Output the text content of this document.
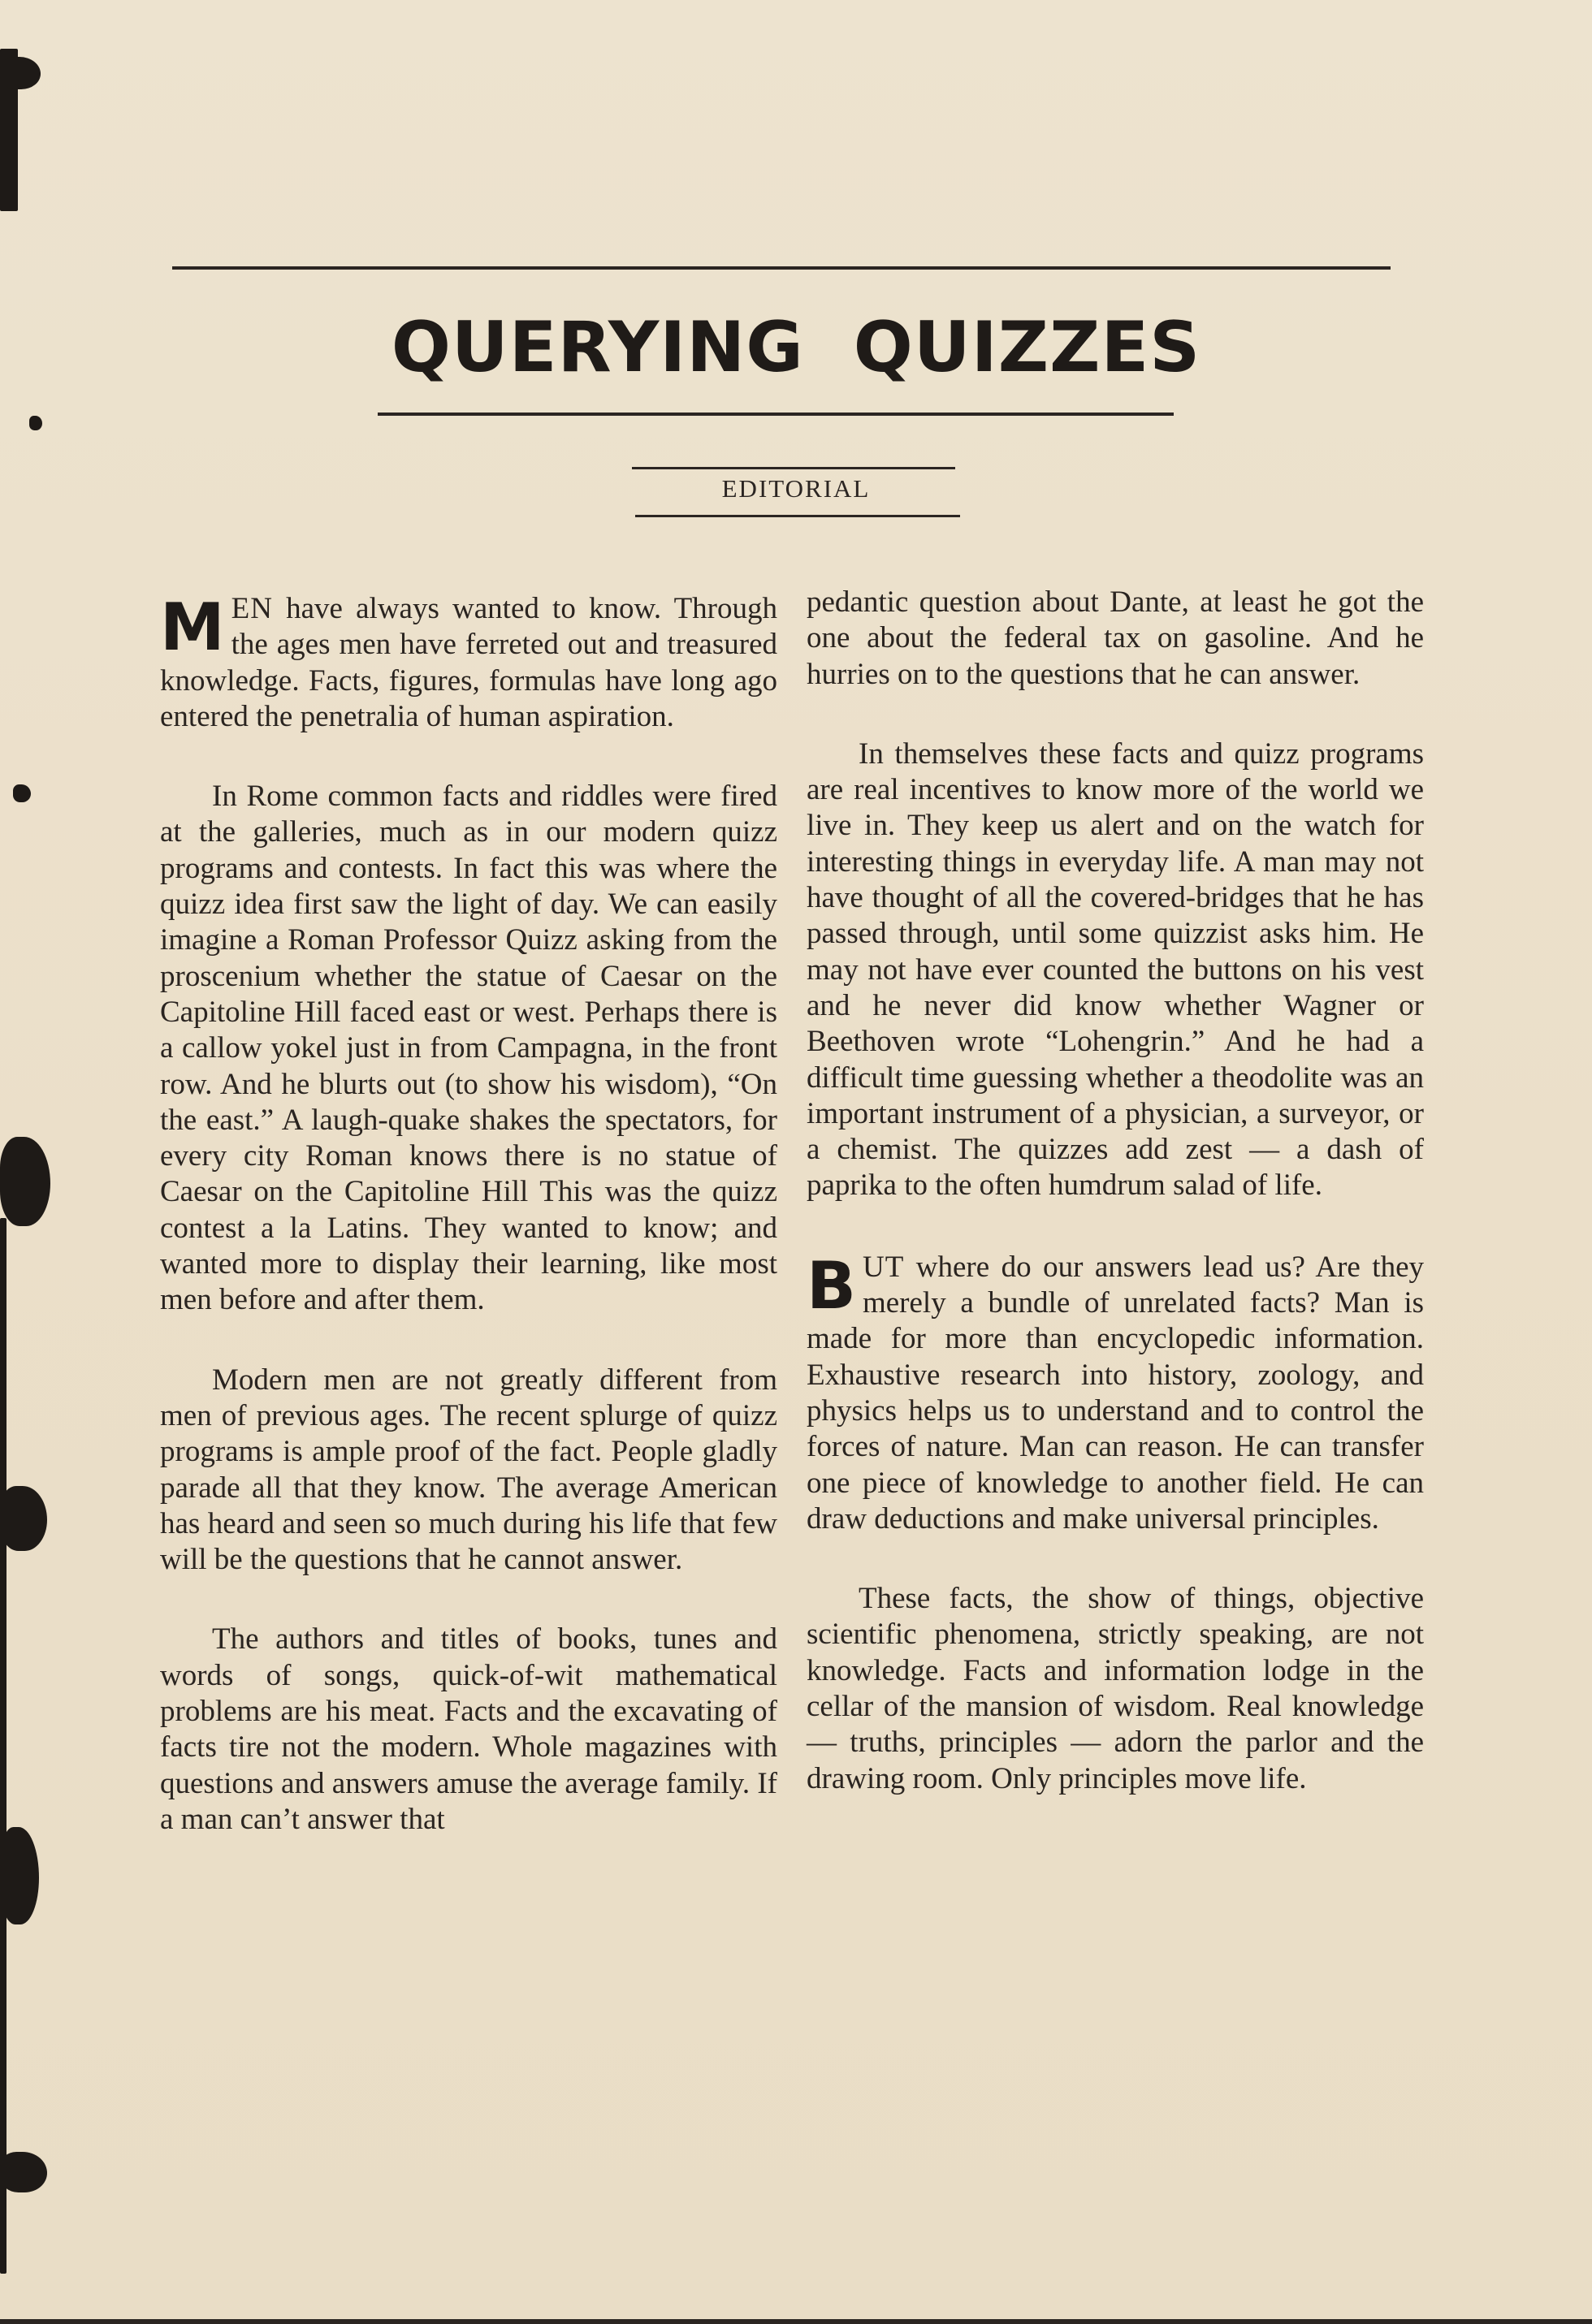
QUERYING QUIZZES
EDITORIAL

MEN have always wanted to know. Through the ages men have ferreted out and treasured knowledge. Facts, figures, formulas have long ago entered the penetralia of human aspiration.

In Rome common facts and riddles were fired at the galleries, much as in our modern quizz programs and contests. In fact this was where the quizz idea first saw the light of day. We can easily imagine a Roman Professor Quizz asking from the proscenium whether the statue of Caesar on the Capitoline Hill faced east or west. Perhaps there is a callow yokel just in from Campagna, in the front row. And he blurts out (to show his wisdom), “On the east.” A laugh-quake shakes the spectators, for every city Roman knows there is no statue of Caesar on the Capitoline Hill This was the quizz contest a la Latins. They wanted to know; and wanted more to display their learning, like most men before and after them.

Modern men are not greatly different from men of previous ages. The recent splurge of quizz programs is ample proof of the fact. People gladly parade all that they know. The average American has heard and seen so much during his life that few will be the questions that he cannot answer.

The authors and titles of books, tunes and words of songs, quick-of-wit mathematical problems are his meat. Facts and the excavating of facts tire not the modern. Whole magazines with questions and answers amuse the average family. If a man can’t answer that

pedantic question about Dante, at least he got the one about the federal tax on gasoline. And he hurries on to the questions that he can answer.

In themselves these facts and quizz programs are real incentives to know more of the world we live in. They keep us alert and on the watch for interesting things in everyday life. A man may not have thought of all the covered-bridges that he has passed through, until some quizzist asks him. He may not have ever counted the buttons on his vest and he never did know whether Wagner or Beethoven wrote “Lohengrin.” And he had a difficult time guessing whether a theodolite was an important instrument of a physician, a surveyor, or a chemist. The quizzes add zest — a dash of paprika to the often humdrum salad of life.

BUT where do our answers lead us? Are they merely a bundle of unrelated facts? Man is made for more than encyclopedic information. Exhaustive research into history, zoology, and physics helps us to understand and to control the forces of nature. Man can reason. He can transfer one piece of knowledge to another field. He can draw deductions and make universal principles.

These facts, the show of things, objective scientific phenomena, strictly speaking, are not knowledge. Facts and information lodge in the cellar of the mansion of wisdom. Real knowledge — truths, principles — adorn the parlor and the drawing room. Only principles move life.
